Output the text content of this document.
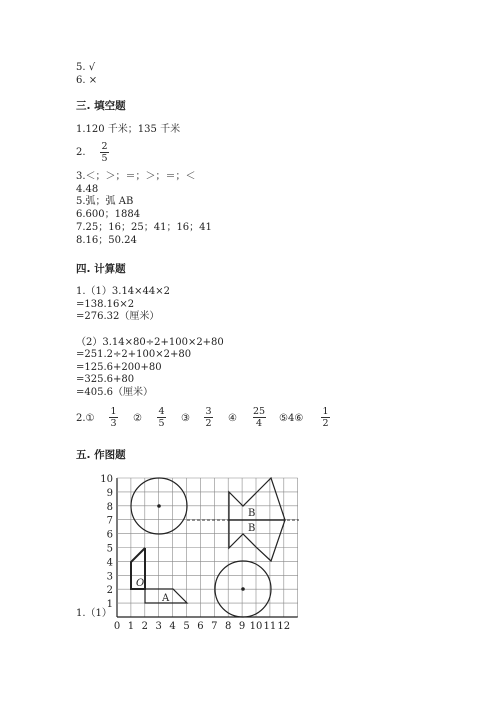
5. √
6. ×
三. 填空题
1.120 千米；135 千米
2.
2
5
3.＜；＞；＝；＞；＝；＜
4.48
5.弧；弧 AB
6.600；1884
7.25；16；25；41；16；41
8.16；50.24
四. 计算题
1.（1）3.14×44×2
=138.16×2
=276.32（厘米）
（2）3.14×80÷2+100×2+80
=251.2÷2+100×2+80
=125.6+200+80
=325.6+80
=405.6（厘米）
2.①
1
3 ②
4
5 ③
3
2 ④
25
4 ⑤4⑥
1
2
五. 作图题
1.（1）
0 1 2 3 4 5 6 7 8 9 10 11 12
1
2
3
4
5
6
7
8
9
10
O
A
B
B
